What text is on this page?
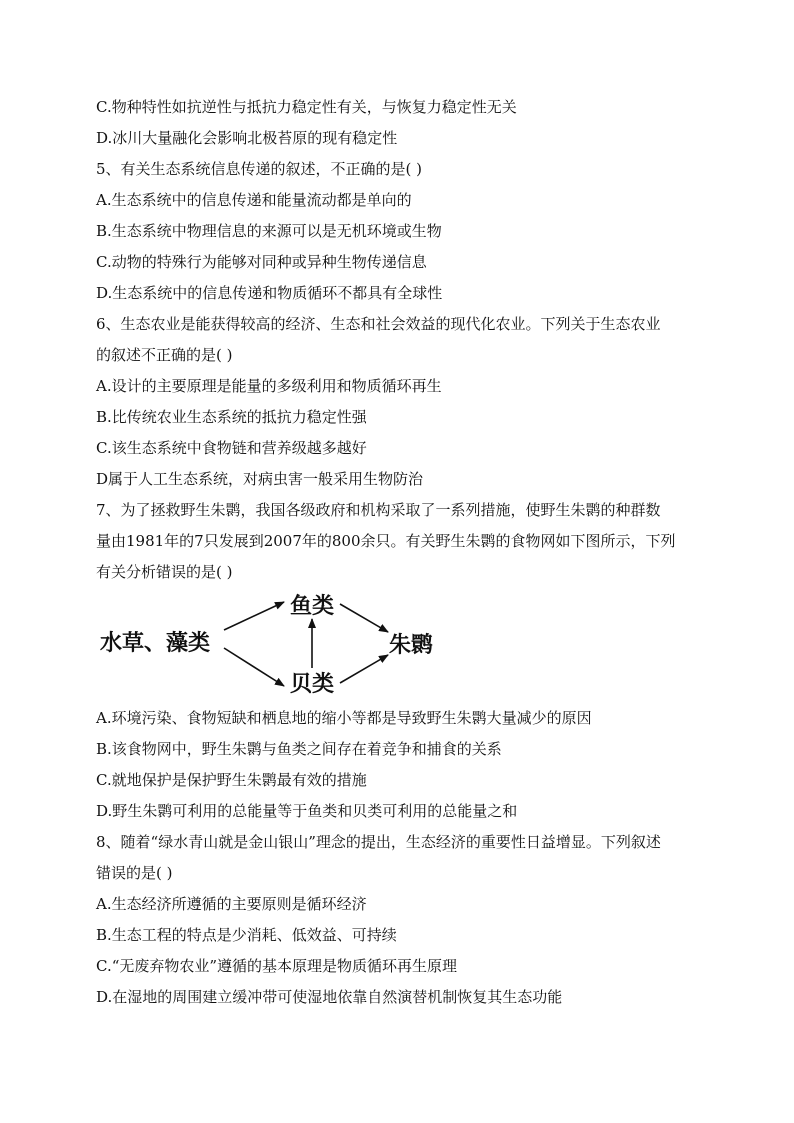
C.物种特性如抗逆性与抵抗力稳定性有关，与恢复力稳定性无关
D.冰川大量融化会影响北极苔原的现有稳定性
5、有关生态系统信息传递的叙述，不正确的是( )
A.生态系统中的信息传递和能量流动都是单向的
B.生态系统中物理信息的来源可以是无机环境或生物
C.动物的特殊行为能够对同种或异种生物传递信息
D.生态系统中的信息传递和物质循环不都具有全球性
6、生态农业是能获得较高的经济、生态和社会效益的现代化农业。下列关于生态农业
的叙述不正确的是( )
A.设计的主要原理是能量的多级利用和物质循环再生
B.比传统农业生态系统的抵抗力稳定性强
C.该生态系统中食物链和营养级越多越好
D属于人工生态系统，对病虫害一般采用生物防治
7、为了拯救野生朱鹮，我国各级政府和机构采取了一系列措施，使野生朱鹮的种群数
量由1981年的7只发展到2007年的800余只。有关野生朱鹮的食物网如下图所示，下列
有关分析错误的是( )
水草、藻类
鱼类
贝类
朱鹮
A.环境污染、食物短缺和栖息地的缩小等都是导致野生朱鹮大量减少的原因
B.该食物网中，野生朱鹮与鱼类之间存在着竞争和捕食的关系
C.就地保护是保护野生朱鹮最有效的措施
D.野生朱鹮可利用的总能量等于鱼类和贝类可利用的总能量之和
8、随着“绿水青山就是金山银山”理念的提出，生态经济的重要性日益增显。下列叙述
错误的是( )
A.生态经济所遵循的主要原则是循环经济
B.生态工程的特点是少消耗、低效益、可持续
C.“无废弃物农业”遵循的基本原理是物质循环再生原理
D.在湿地的周围建立缓冲带可使湿地依靠自然演替机制恢复其生态功能
